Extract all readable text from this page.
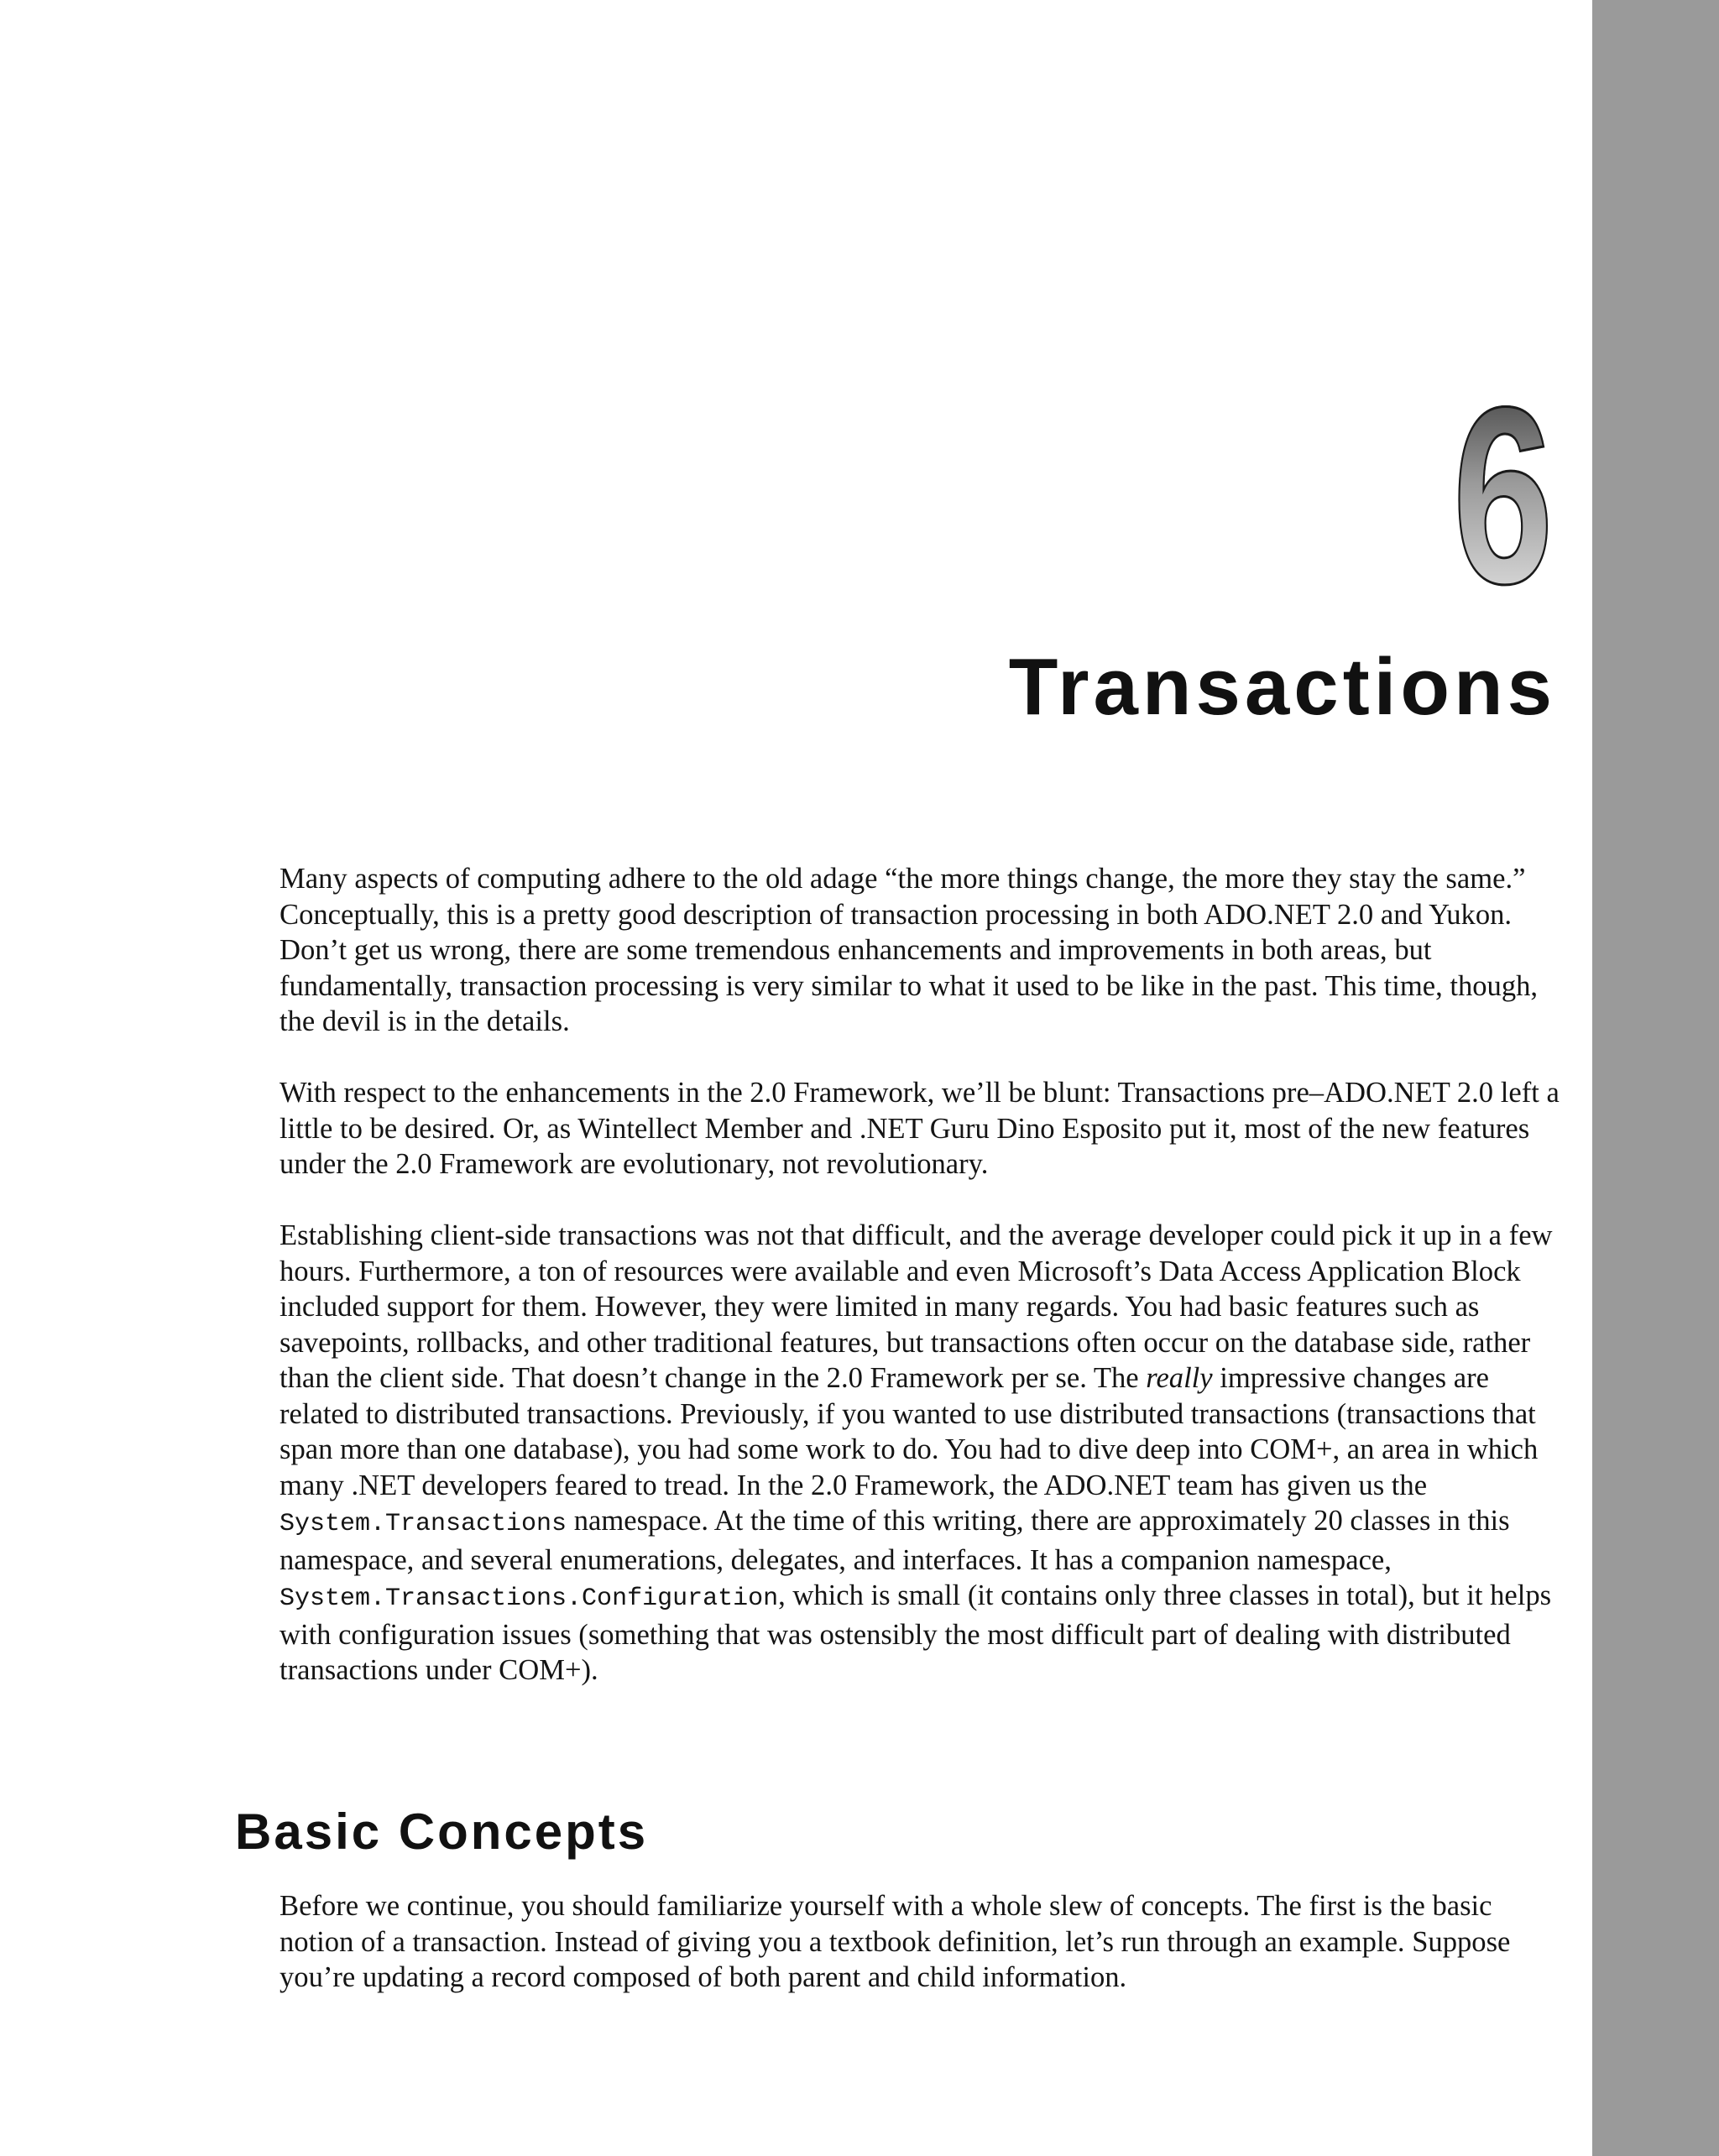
6
Transactions

Many aspects of computing adhere to the old adage “the more things change, the more they stay the same.” Conceptually, this is a pretty good description of transaction processing in both ADO.NET 2.0 and Yukon. Don’t get us wrong, there are some tremendous enhancements and improvements in both areas, but fundamentally, transaction processing is very similar to what it used to be like in the past. This time, though, the devil is in the details.

With respect to the enhancements in the 2.0 Framework, we’ll be blunt: Transactions pre–ADO.NET 2.0 left a little to be desired. Or, as Wintellect Member and .NET Guru Dino Esposito put it, most of the new features under the 2.0 Framework are evolutionary, not revolutionary.

Establishing client-side transactions was not that difficult, and the average developer could pick it up in a few hours. Furthermore, a ton of resources were available and even Microsoft’s Data Access Application Block included support for them. However, they were limited in many regards. You had basic features such as savepoints, rollbacks, and other traditional features, but transactions often occur on the database side, rather than the client side. That doesn’t change in the 2.0 Framework per se. The really impressive changes are related to distributed transactions. Previously, if you wanted to use distributed transactions (transactions that span more than one database), you had some work to do. You had to dive deep into COM+, an area in which many .NET developers feared to tread. In the 2.0 Framework, the ADO.NET team has given us the System.Transactions namespace. At the time of this writing, there are approximately 20 classes in this namespace, and several enumerations, delegates, and interfaces. It has a companion namespace, System.Transactions.Configuration, which is small (it contains only three classes in total), but it helps with configuration issues (something that was ostensibly the most difficult part of dealing with distributed transactions under COM+).

Basic Concepts

Before we continue, you should familiarize yourself with a whole slew of concepts. The first is the basic notion of a transaction. Instead of giving you a textbook definition, let’s run through an example. Suppose you’re updating a record composed of both parent and child information.
